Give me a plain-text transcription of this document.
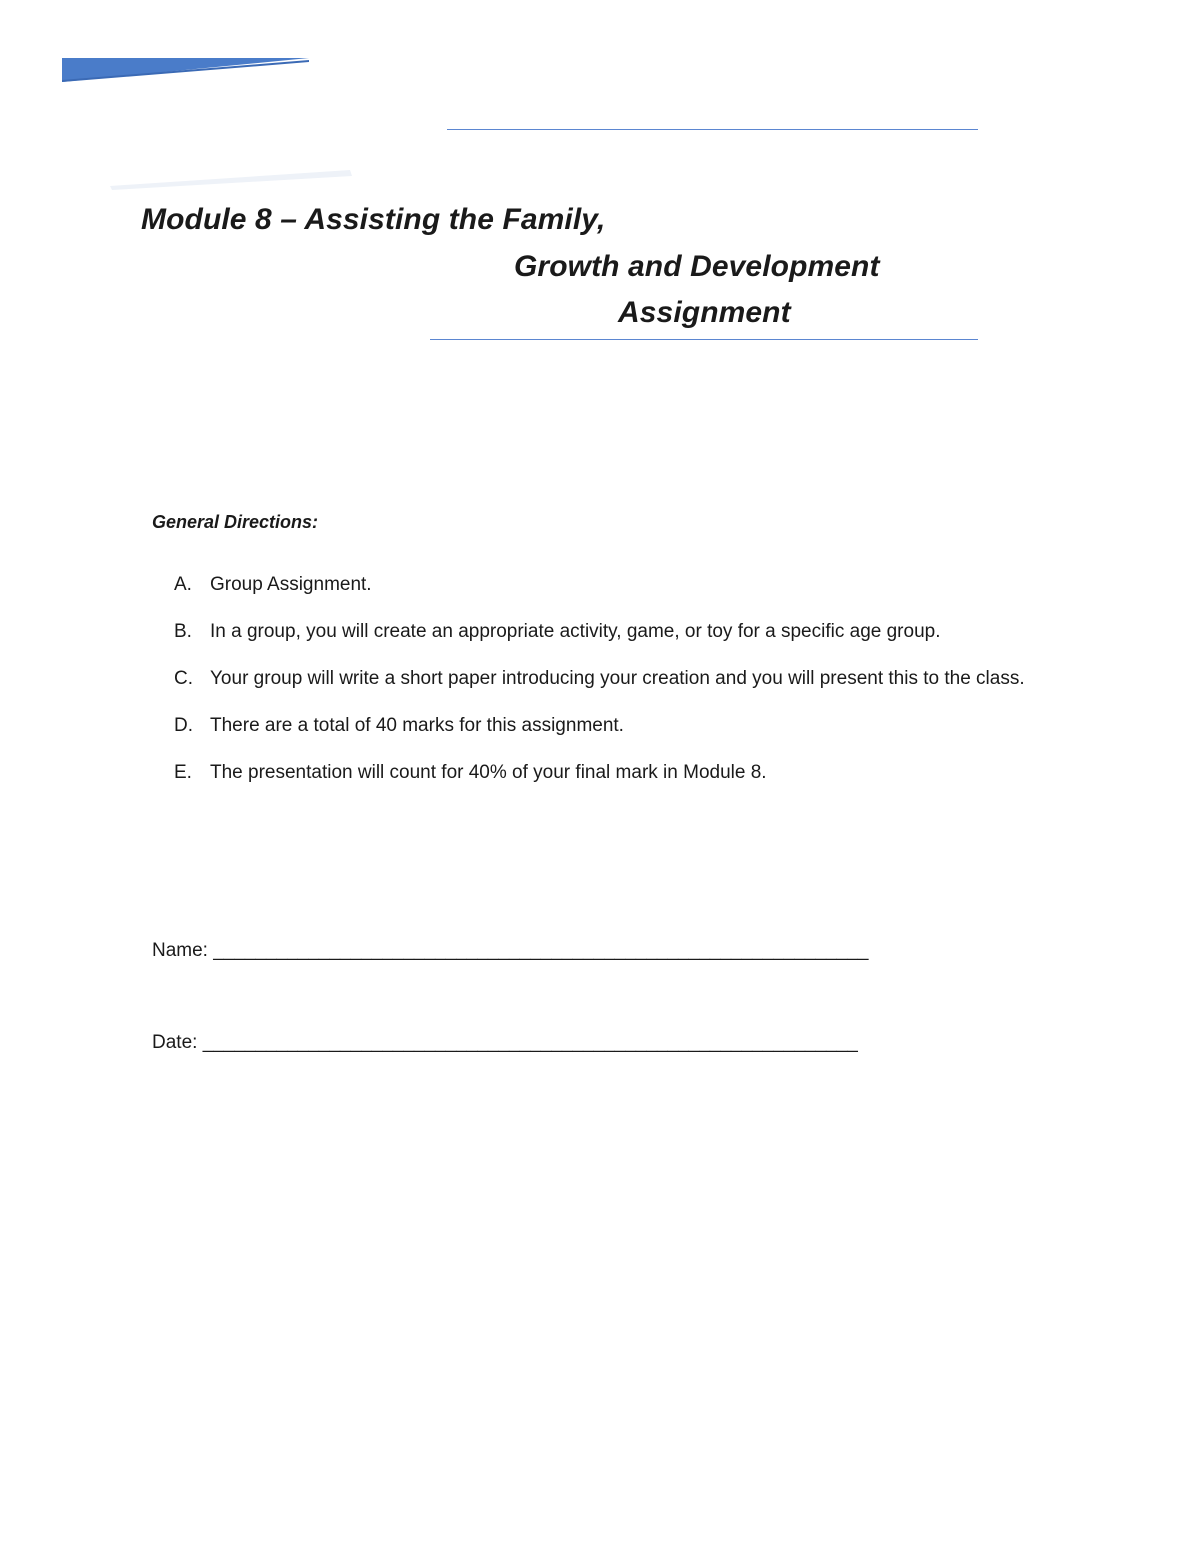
Module 8 – Assisting the Family,
Growth and Development
Assignment
General Directions:
A. Group Assignment.
B. In a group, you will create an appropriate activity, game, or toy for a specific age group.
C. Your group will write a short paper introducing your creation and you will present this to the class.
D. There are a total of 40 marks for this assignment.
E. The presentation will count for 40% of your final mark in Module 8.
Name: ______________________________________________________________
Date: ______________________________________________________________
